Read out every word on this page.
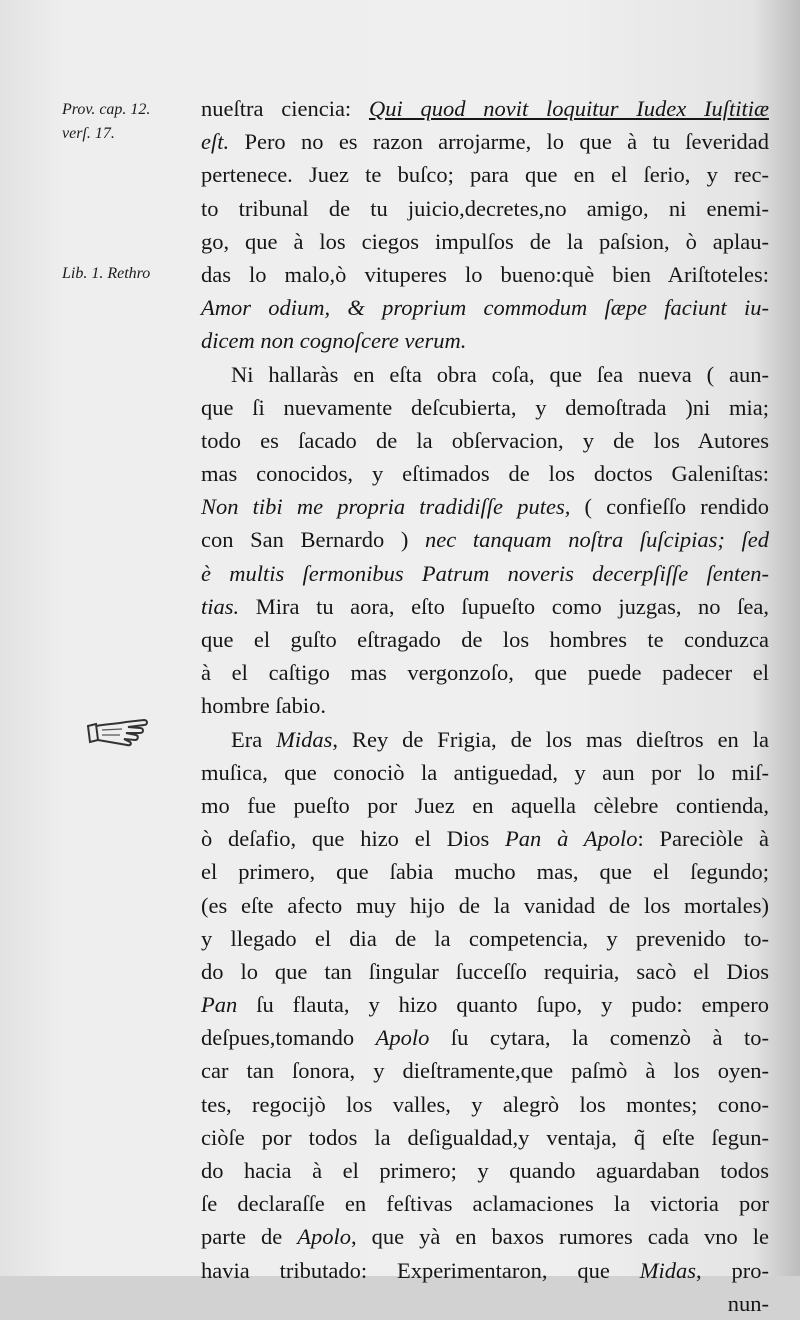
Prov. cap. 12.
verſ. 17.
Lib. 1. Rethro
nueſtra ciencia: Qui quod novit loquitur Iudex Iuſtitiæ
eſt. Pero no es razon arrojarme, lo que à tu ſeveridad
pertenece. Juez te buſco; para que en el ſerio, y rec-
to tribunal de tu juicio,decretes,no amigo, ni enemi-
go, que à los ciegos impulſos de la paſsion, ò aplau-
das lo malo,ò vituperes lo bueno:què bien Ariſtoteles:
Amor odium, & proprium commodum ſæpe faciunt iu-
dicem non cognoſcere verum.
Ni hallaràs en eſta obra coſa, que ſea nueva ( aun-
que ſi nuevamente deſcubierta, y demoſtrada )ni mia;
todo es ſacado de la obſervacion, y de los Autores
mas conocidos, y eſtimados de los doctos Galeniſtas:
Non tibi me propria tradidiſſe putes, ( confieſſo rendido
con San Bernardo ) nec tanquam noſtra ſuſcipias; ſed
è multis ſermonibus Patrum noveris decerpſiſſe ſenten-
tias. Mira tu aora, eſto ſupueſto como juzgas, no ſea,
que el guſto eſtragado de los hombres te conduzca
à el caſtigo mas vergonzoſo, que puede padecer el
hombre ſabio.
Era Midas, Rey de Frigia, de los mas dieſtros en la
muſica, que conociò la antiguedad, y aun por lo miſ-
mo fue pueſto por Juez en aquella cèlebre contienda,
ò deſafio, que hizo el Dios Pan à Apolo: Pareciòle à
el primero, que ſabia mucho mas, que el ſegundo;
(es eſte afecto muy hijo de la vanidad de los mortales)
y llegado el dia de la competencia, y prevenido to-
do lo que tan ſingular ſucceſſo requiria, sacò el Dios
Pan ſu flauta, y hizo quanto ſupo, y pudo: empero
deſpues,tomando Apolo ſu cytara, la comenzò à to-
car tan ſonora, y dieſtramente,que paſmò à los oyen-
tes, regocijò los valles, y alegrò los montes; cono-
ciòſe por todos la deſigualdad,y ventaja, q̃ eſte ſegun-
do hacia à el primero; y quando aguardaban todos
ſe declaraſſe en feſtivas aclamaciones la victoria por
parte de Apolo, que yà en baxos rumores cada vno le
havia tributado: Experimentaron, que Midas, pro-
nun-
